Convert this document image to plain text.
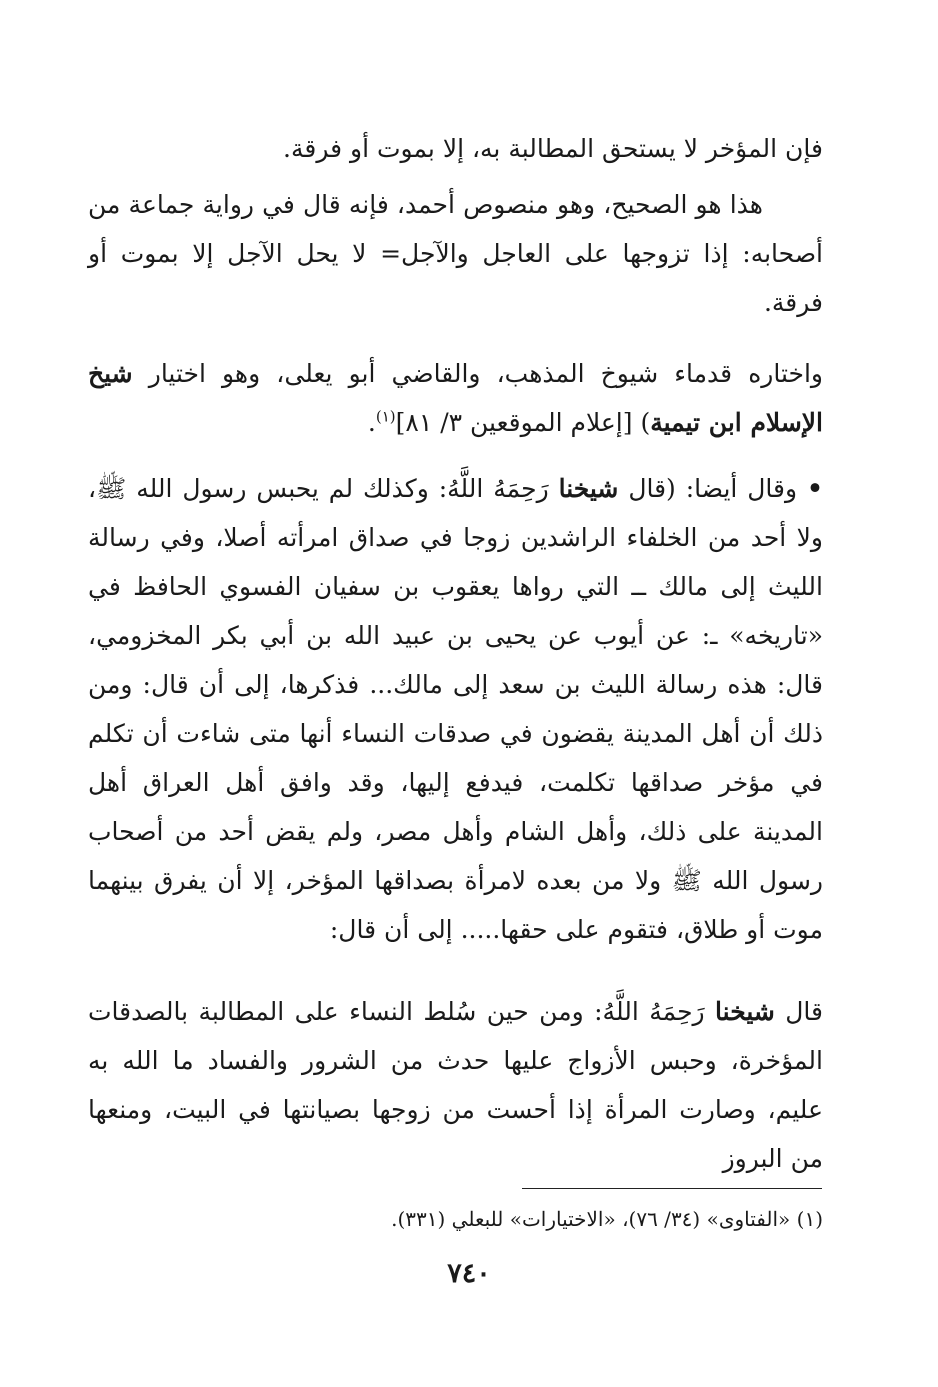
فإن المؤخر لا يستحق المطالبة به، إلا بموت أو فرقة.
هذا هو الصحيح، وهو منصوص أحمد، فإنه قال في رواية جماعة من أصحابه: إذا تزوجها على العاجل والآجل= لا يحل الآجل إلا بموت أو فرقة.
واختاره قدماء شيوخ المذهب، والقاضي أبو يعلى، وهو اختيار شيخ الإسلام ابن تيمية) [إعلام الموقعين ٣/ ٨١]$^{(١)}$.
• وقال أيضا: (قال شيخنا رَحِمَهُ اللَّهُ: وكذلك لم يحبس رسول الله ﷺ، ولا أحد من الخلفاء الراشدين زوجا في صداق امرأته أصلا، وفي رسالة الليث إلى مالك ــ التي رواها يعقوب بن سفيان الفسوي الحافظ في «تاريخه» ـ: عن أيوب عن يحيى بن عبيد الله بن أبي بكر المخزومي، قال: هذه رسالة الليث بن سعد إلى مالك... فذكرها، إلى أن قال: ومن ذلك أن أهل المدينة يقضون في صدقات النساء أنها متى شاءت أن تكلم في مؤخر صداقها تكلمت، فيدفع إليها، وقد وافق أهل العراق أهل المدينة على ذلك، وأهل الشام وأهل مصر، ولم يقض أحد من أصحاب رسول الله ﷺ ولا من بعده لامرأة بصداقها المؤخر، إلا أن يفرق بينهما موت أو طلاق، فتقوم على حقها..... إلى أن قال:
قال شيخنا رَحِمَهُ اللَّهُ: ومن حين سُلط النساء على المطالبة بالصدقات المؤخرة، وحبس الأزواج عليها حدث من الشرور والفساد ما الله به عليم، وصارت المرأة إذا أحست من زوجها بصيانتها في البيت، ومنعها من البروز
(١) «الفتاوى» (٣٤/ ٧٦)، «الاختيارات» للبعلي (٣٣١).
٧٤٠
